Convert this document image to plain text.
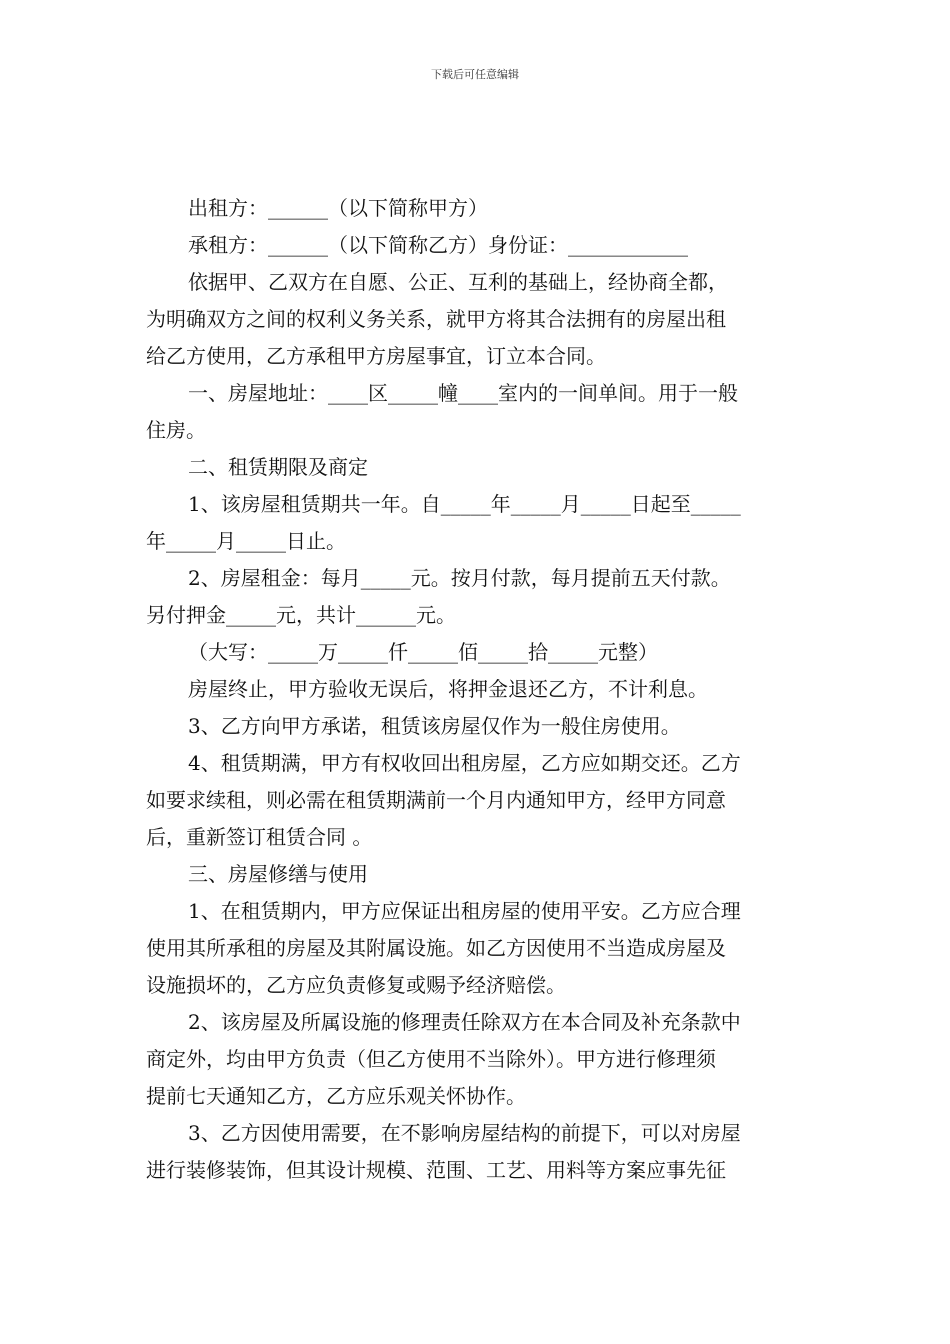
下载后可任意编辑

出租方：______（以下简称甲方）

承租方：______（以下简称乙方）身份证：____________

依据甲、乙双方在自愿、公正、互利的基础上，经协商全都，

为明确双方之间的权利义务关系，就甲方将其合法拥有的房屋出租

给乙方使用，乙方承租甲方房屋事宜，订立本合同。

一、房屋地址：____区_____幢____室内的一间单间。用于一般

住房。

二、租赁期限及商定

1、该房屋租赁期共一年。自_____年_____月_____日起至_____

年_____月_____日止。

2、房屋租金：每月_____元。按月付款，每月提前五天付款。

另付押金_____元，共计______元。

（大写：_____万_____仟_____佰_____拾_____元整）

房屋终止，甲方验收无误后，将押金退还乙方，不计利息。

3、乙方向甲方承诺，租赁该房屋仅作为一般住房使用。

4、租赁期满，甲方有权收回出租房屋，乙方应如期交还。乙方

如要求续租，则必需在租赁期满前一个月内通知甲方，经甲方同意

后，重新签订租赁合同 。

三、房屋修缮与使用

1、在租赁期内，甲方应保证出租房屋的使用平安。乙方应合理

使用其所承租的房屋及其附属设施。如乙方因使用不当造成房屋及

设施损坏的，乙方应负责修复或赐予经济赔偿。

2、该房屋及所属设施的修理责任除双方在本合同及补充条款中

商定外，均由甲方负责（但乙方使用不当除外）。甲方进行修理须

提前七天通知乙方，乙方应乐观关怀协作。

3、乙方因使用需要，在不影响房屋结构的前提下，可以对房屋

进行装修装饰，但其设计规模、范围、工艺、用料等方案应事先征
